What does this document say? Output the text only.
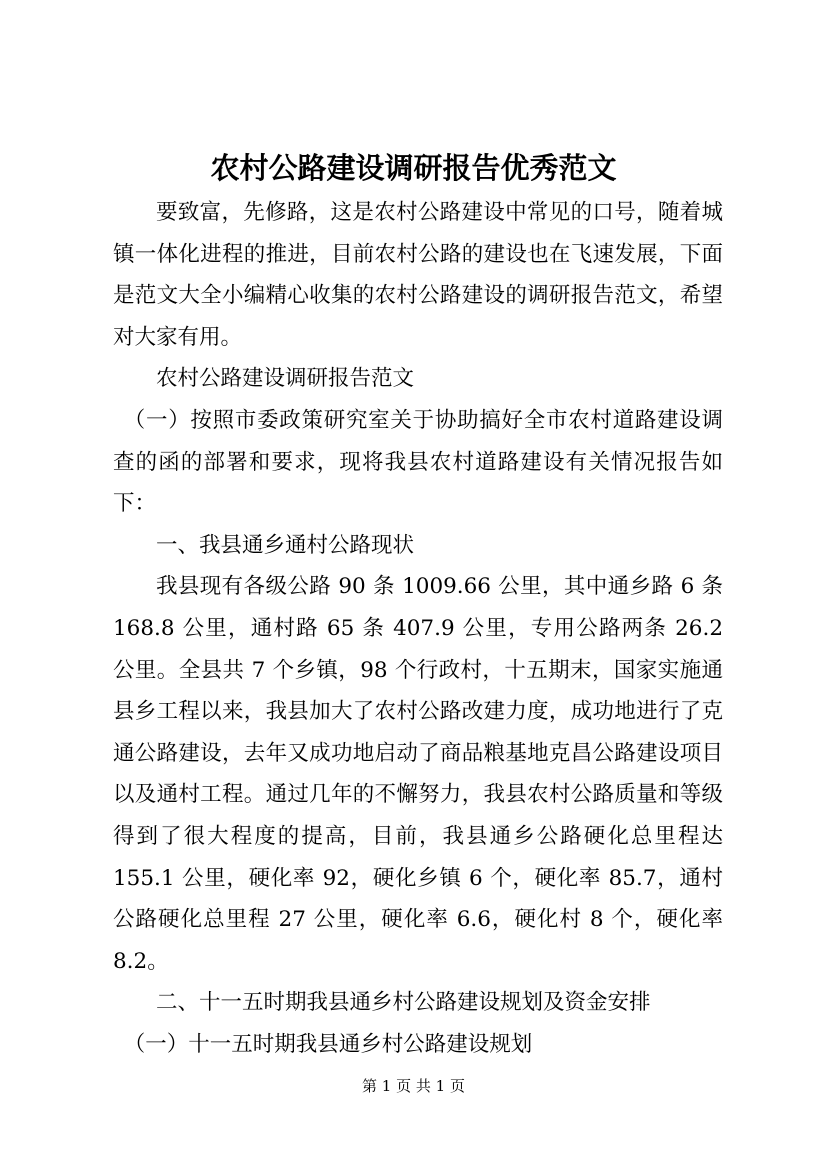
农村公路建设调研报告优秀范文

要致富，先修路，这是农村公路建设中常见的口号，随着城镇一体化进程的推进，目前农村公路的建设也在飞速发展，下面是范文大全小编精心收集的农村公路建设的调研报告范文，希望对大家有用。

农村公路建设调研报告范文

（一）按照市委政策研究室关于协助搞好全市农村道路建设调查的函的部署和要求，现将我县农村道路建设有关情况报告如下：

一、我县通乡通村公路现状

我县现有各级公路 90 条 1009.66 公里，其中通乡路 6 条168.8 公里，通村路 65 条 407.9 公里，专用公路两条 26.2 公里。全县共 7 个乡镇，98 个行政村，十五期末，国家实施通县乡工程以来，我县加大了农村公路改建力度，成功地进行了克通公路建设，去年又成功地启动了商品粮基地克昌公路建设项目以及通村工程。通过几年的不懈努力，我县农村公路质量和等级得到了很大程度的提高，目前，我县通乡公路硬化总里程达 155.1 公里，硬化率 92，硬化乡镇 6 个，硬化率 85.7，通村公路硬化总里程 27 公里，硬化率 6.6，硬化村 8 个，硬化率 8.2。

二、十一五时期我县通乡村公路建设规划及资金安排

（一）十一五时期我县通乡村公路建设规划

第 1 页 共 1 页
